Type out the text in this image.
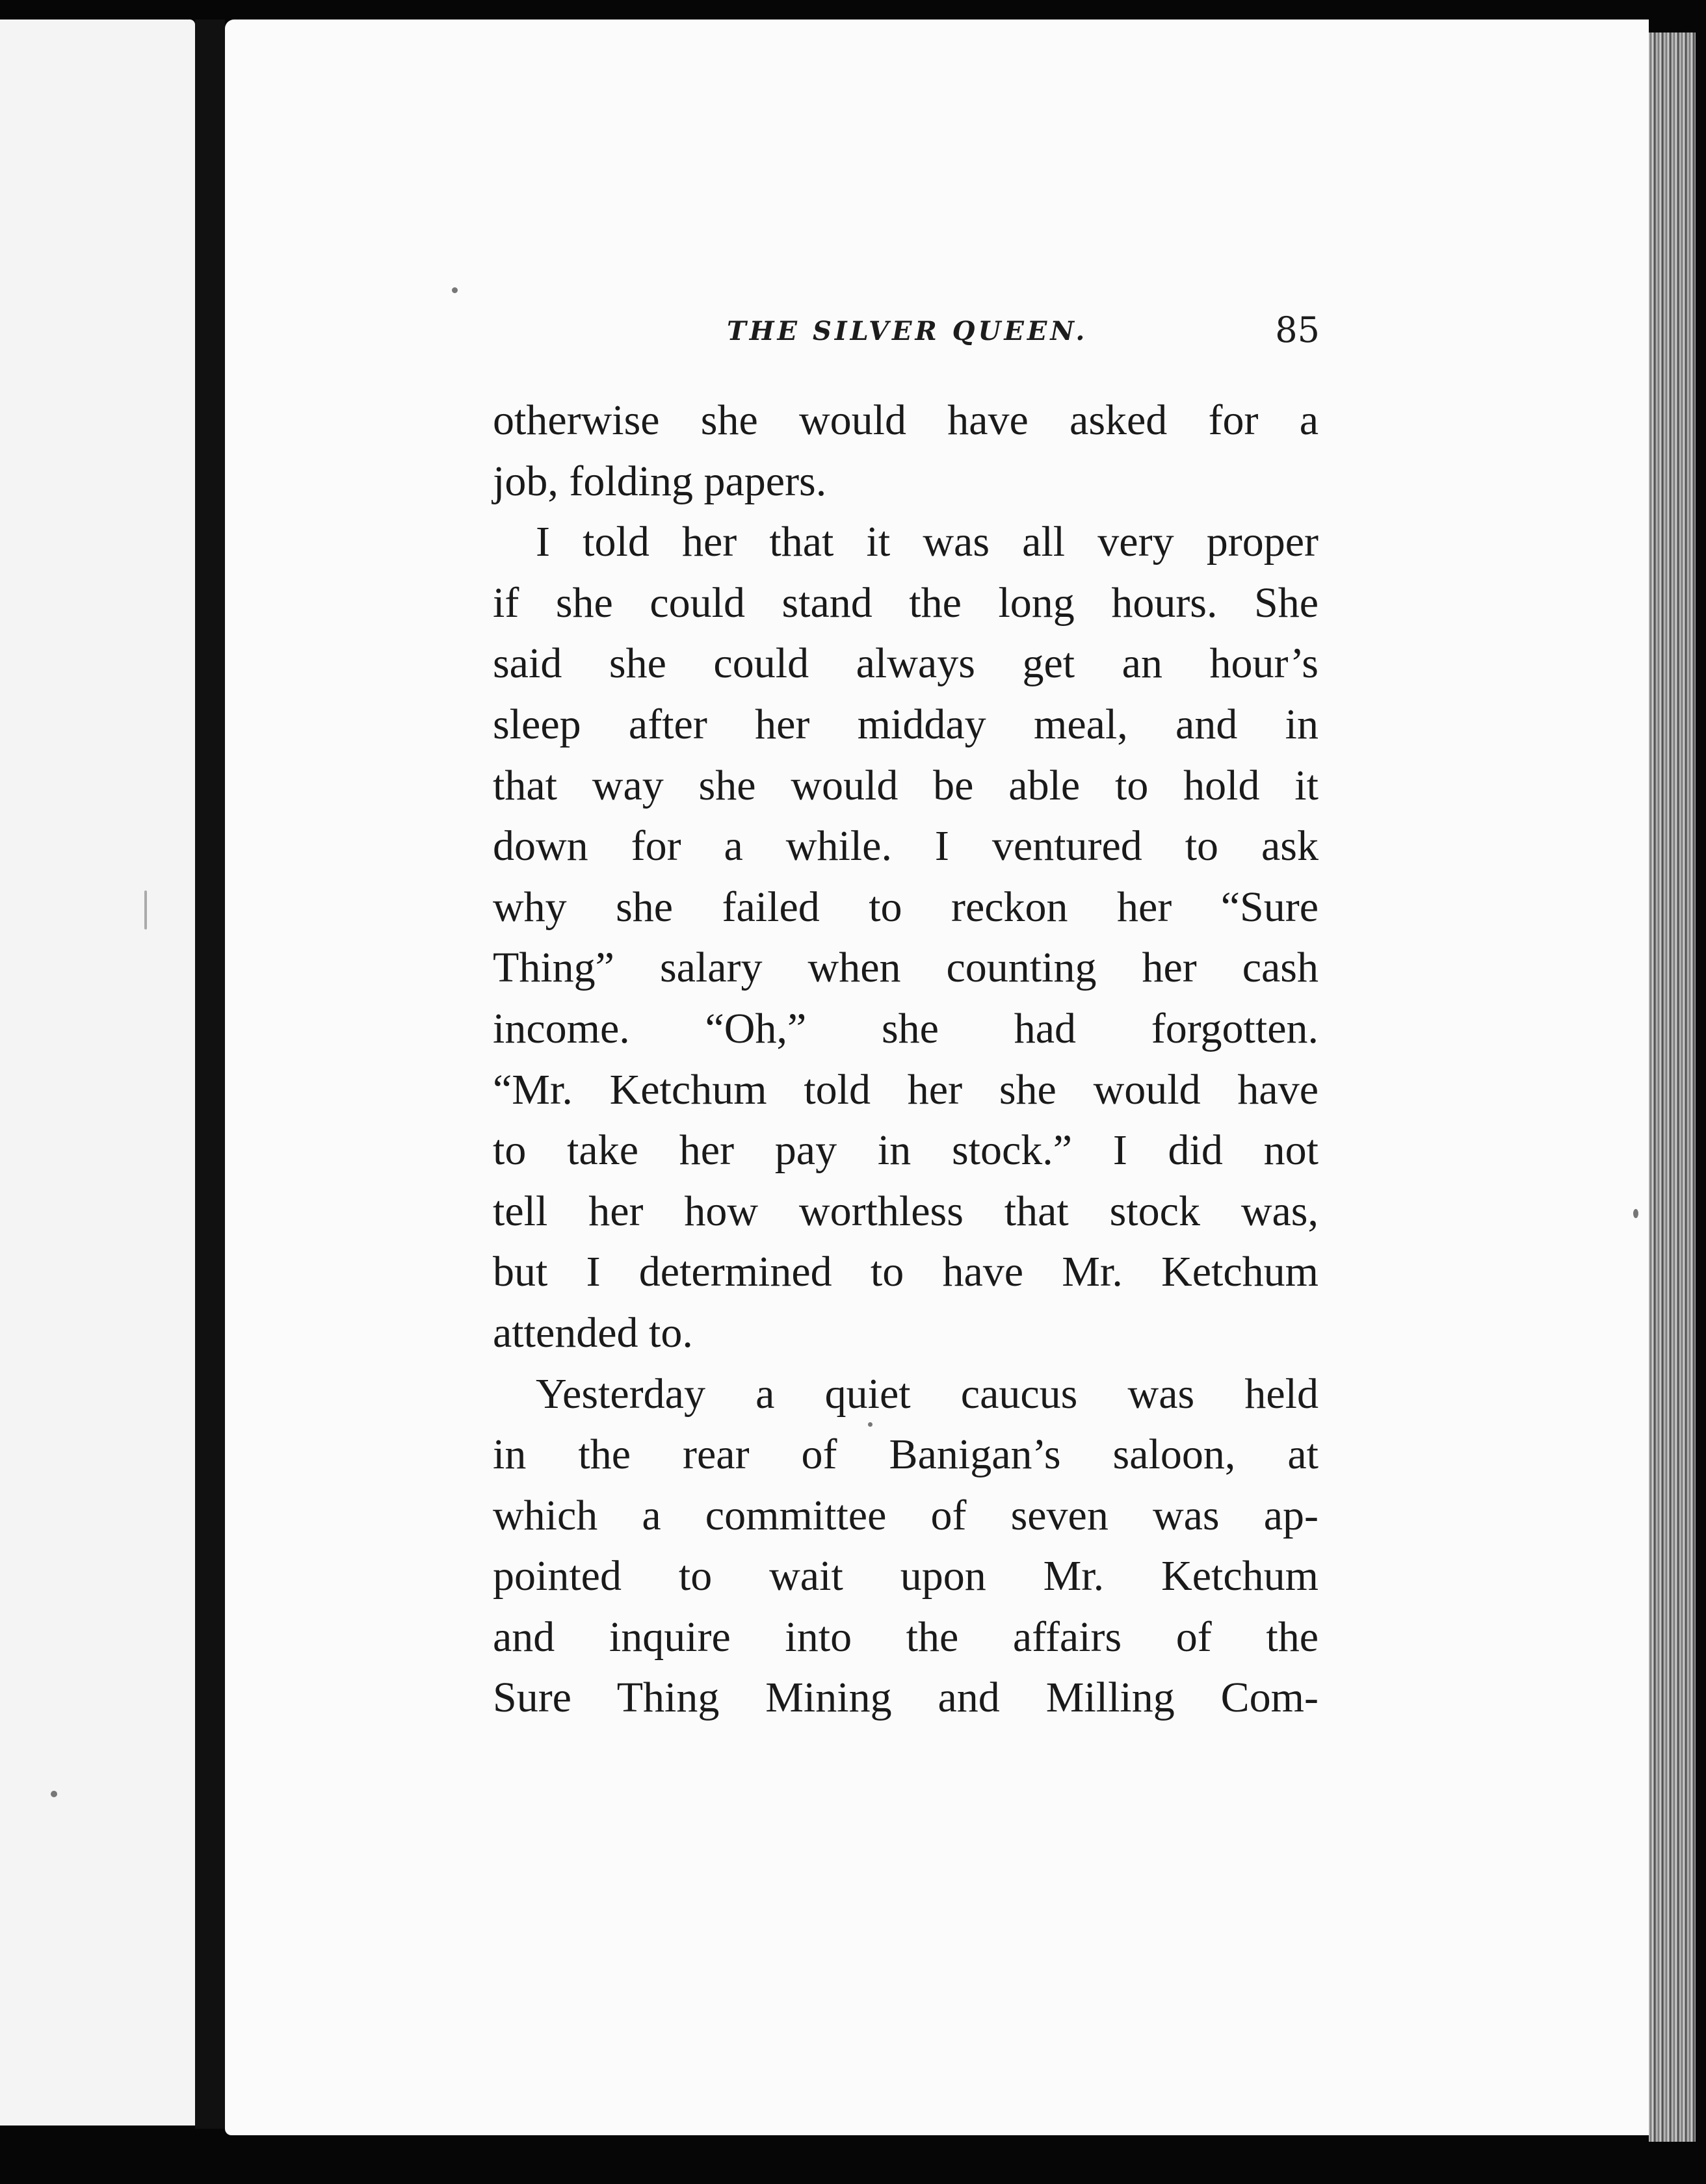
THE SILVER QUEEN.	85

otherwise she would have asked for a
job, folding papers.

I told her that it was all very proper
if she could stand the long hours. She
said she could always get an hour’s
sleep after her midday meal, and in
that way she would be able to hold it
down for a while. I ventured to ask
why she failed to reckon her “Sure
Thing” salary when counting her cash
income. “Oh,” she had forgotten.
“Mr. Ketchum told her she would have
to take her pay in stock.” I did not
tell her how worthless that stock was,
but I determined to have Mr. Ketchum
attended to.

Yesterday a quiet caucus was held
in the rear of Banigan’s saloon, at
which a committee of seven was ap-
pointed to wait upon Mr. Ketchum
and inquire into the affairs of the
Sure Thing Mining and Milling Com-
